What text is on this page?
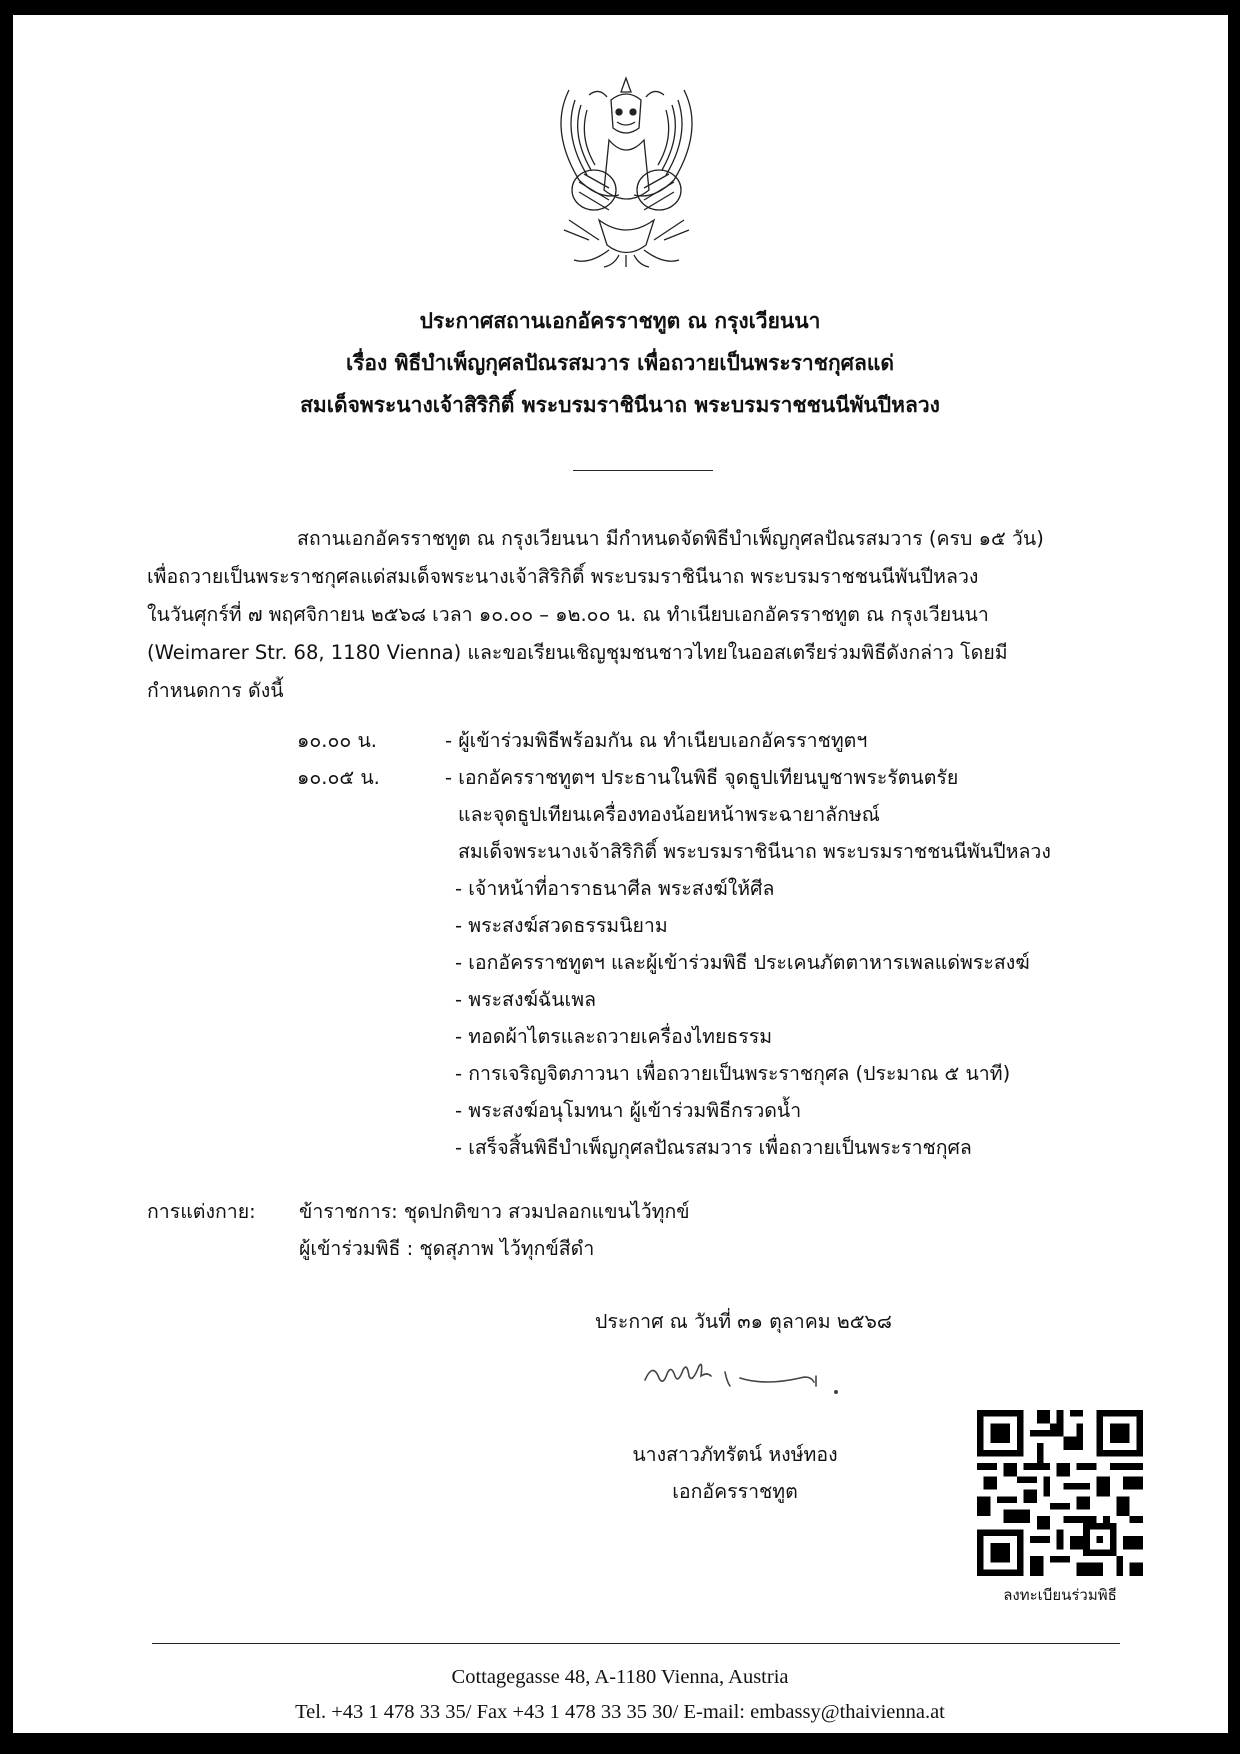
ประกาศสถานเอกอัครราชทูต ณ กรุงเวียนนา
เรื่อง พิธีบำเพ็ญกุศลปัณรสมวาร เพื่อถวายเป็นพระราชกุศลแด่
สมเด็จพระนางเจ้าสิริกิติ์ พระบรมราชินีนาถ พระบรมราชชนนีพันปีหลวง
สถานเอกอัครราชทูต ณ กรุงเวียนนา มีกำหนดจัดพิธีบำเพ็ญกุศลปัณรสมวาร (ครบ ๑๕ วัน)
เพื่อถวายเป็นพระราชกุศลแด่สมเด็จพระนางเจ้าสิริกิติ์ พระบรมราชินีนาถ พระบรมราชชนนีพันปีหลวง
ในวันศุกร์ที่ ๗ พฤศจิกายน ๒๕๖๘ เวลา ๑๐.๐๐ – ๑๒.๐๐ น. ณ ทำเนียบเอกอัครราชทูต ณ กรุงเวียนนา
(Weimarer Str. 68, 1180 Vienna) และขอเรียนเชิญชุมชนชาวไทยในออสเตรียร่วมพิธีดังกล่าว โดยมี
กำหนดการ ดังนี้
๑๐.๐๐ น.	- ผู้เข้าร่วมพิธีพร้อมกัน ณ ทำเนียบเอกอัครราชทูตฯ
๑๐.๐๕ น.	- เอกอัครราชทูตฯ ประธานในพิธี จุดธูปเทียนบูชาพระรัตนตรัย
และจุดธูปเทียนเครื่องทองน้อยหน้าพระฉายาลักษณ์
สมเด็จพระนางเจ้าสิริกิติ์ พระบรมราชินีนาถ พระบรมราชชนนีพันปีหลวง
- เจ้าหน้าที่อาราธนาศีล พระสงฆ์ให้ศีล
- พระสงฆ์สวดธรรมนิยาม
- เอกอัครราชทูตฯ และผู้เข้าร่วมพิธี ประเคนภัตตาหารเพลแด่พระสงฆ์
- พระสงฆ์ฉันเพล
- ทอดผ้าไตรและถวายเครื่องไทยธรรม
- การเจริญจิตภาวนา เพื่อถวายเป็นพระราชกุศล (ประมาณ ๕ นาที)
- พระสงฆ์อนุโมทนา ผู้เข้าร่วมพิธีกรวดน้ำ
- เสร็จสิ้นพิธีบำเพ็ญกุศลปัณรสมวาร เพื่อถวายเป็นพระราชกุศล
การแต่งกาย:	ข้าราชการ: ชุดปกติขาว สวมปลอกแขนไว้ทุกข์
ผู้เข้าร่วมพิธี : ชุดสุภาพ ไว้ทุกข์สีดำ
ประกาศ ณ วันที่ ๓๑ ตุลาคม ๒๕๖๘
นางสาวภัทรัตน์ หงษ์ทอง
เอกอัครราชทูต
ลงทะเบียนร่วมพิธี
Cottagegasse 48, A-1180 Vienna, Austria
Tel. +43 1 478 33 35/ Fax +43 1 478 33 35 30/ E-mail: embassy@thaivienna.at
